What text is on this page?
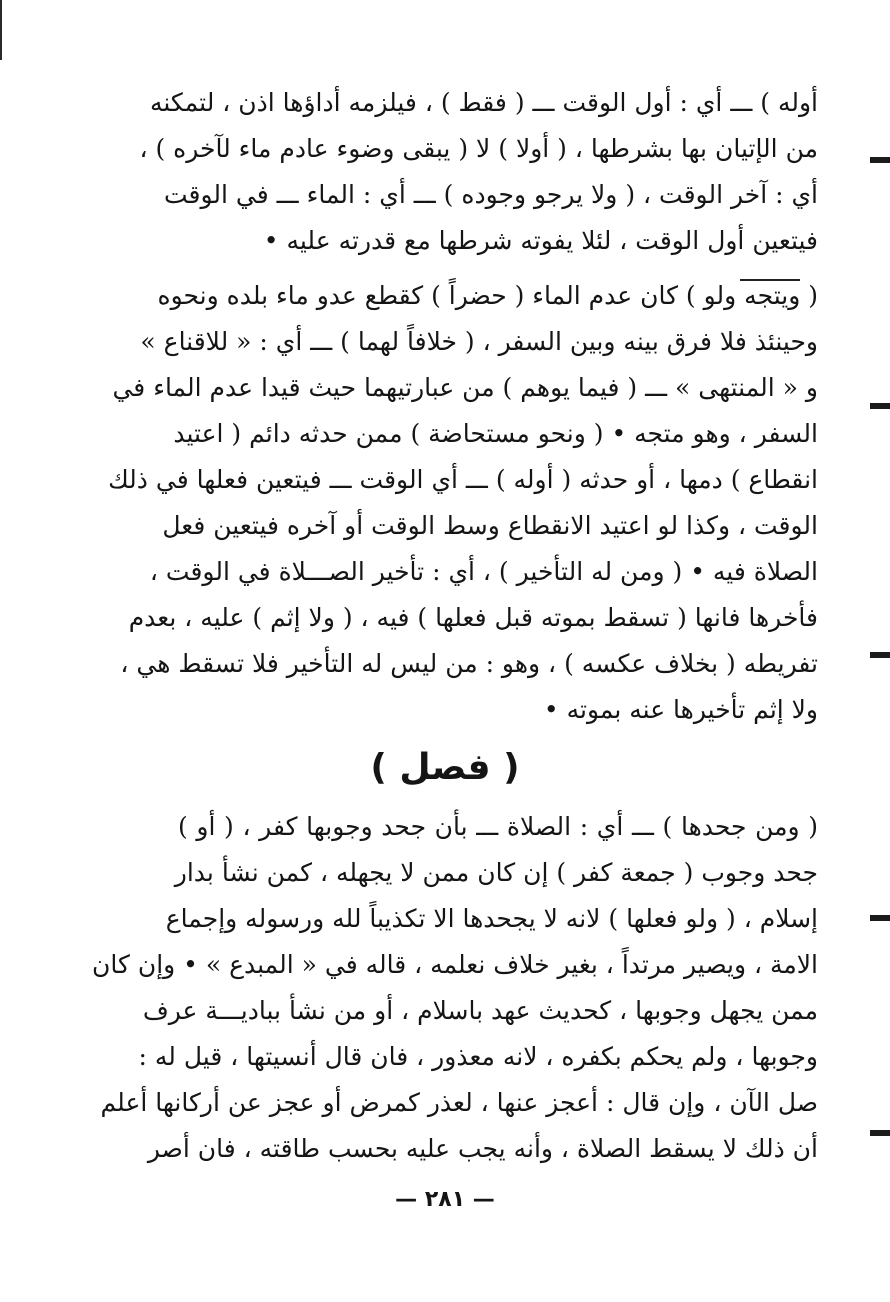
أوله ) ـــ أي : أول الوقت ـــ ( فقط ) ، فيلزمه أداؤها اذن ، لتمكنه
من الإتيان بها بشرطها ، ( أولا ) لا ( يبقى وضوء عادم ماء لآخره ) ،
أي : آخر الوقت ، ( ولا يرجو وجوده ) ـــ أي : الماء ـــ في الوقت
فيتعين أول الوقت ، لئلا يفوته شرطها مع قدرته عليه •
( ويتجه ولو ) كان عدم الماء ( حضراً ) كقطع عدو ماء بلده ونحوه
وحينئذ فلا فرق بينه وبين السفر ، ( خلافاً لهما ) ـــ أي : « للاقناع »
و « المنتهى » ـــ ( فيما يوهم ) من عبارتيهما حيث قيدا عدم الماء في
السفر ، وهو متجه • ( ونحو مستحاضة ) ممن حدثه دائم ( اعتيد
انقطاع ) دمها ، أو حدثه ( أوله ) ـــ أي الوقت ـــ فيتعين فعلها في ذلك
الوقت ، وكذا لو اعتيد الانقطاع وسط الوقت أو آخره فيتعين فعل
الصلاة فيه • ( ومن له التأخير ) ، أي : تأخير الصـــلاة في الوقت ،
فأخرها فانها ( تسقط بموته قبل فعلها ) فيه ، ( ولا إثم ) عليه ، بعدم
تفريطه ( بخلاف عكسه ) ، وهو : من ليس له التأخير فلا تسقط هي ،
ولا إثم تأخيرها عنه بموته •
( فصل )
( ومن جحدها ) ـــ أي : الصلاة ـــ بأن جحد وجوبها كفر ، ( أو )
جحد وجوب ( جمعة كفر ) إن كان ممن لا يجهله ، كمن نشأ بدار
إسلام ، ( ولو فعلها ) لانه لا يجحدها الا تكذيباً لله ورسوله وإجماع
الامة ، ويصير مرتداً ، بغير خلاف نعلمه ، قاله في « المبدع » • وإن كان
ممن يجهل وجوبها ، كحديث عهد باسلام ، أو من نشأ ببادیـــة عرف
وجوبها ، ولم يحكم بكفره ، لانه معذور ، فان قال أنسيتها ، قيل له :
صل الآن ، وإن قال : أعجز عنها ، لعذر كمرض أو عجز عن أركانها أعلم
أن ذلك لا يسقط الصلاة ، وأنه يجب عليه بحسب طاقته ، فان أصر
— ٢٨١ —
